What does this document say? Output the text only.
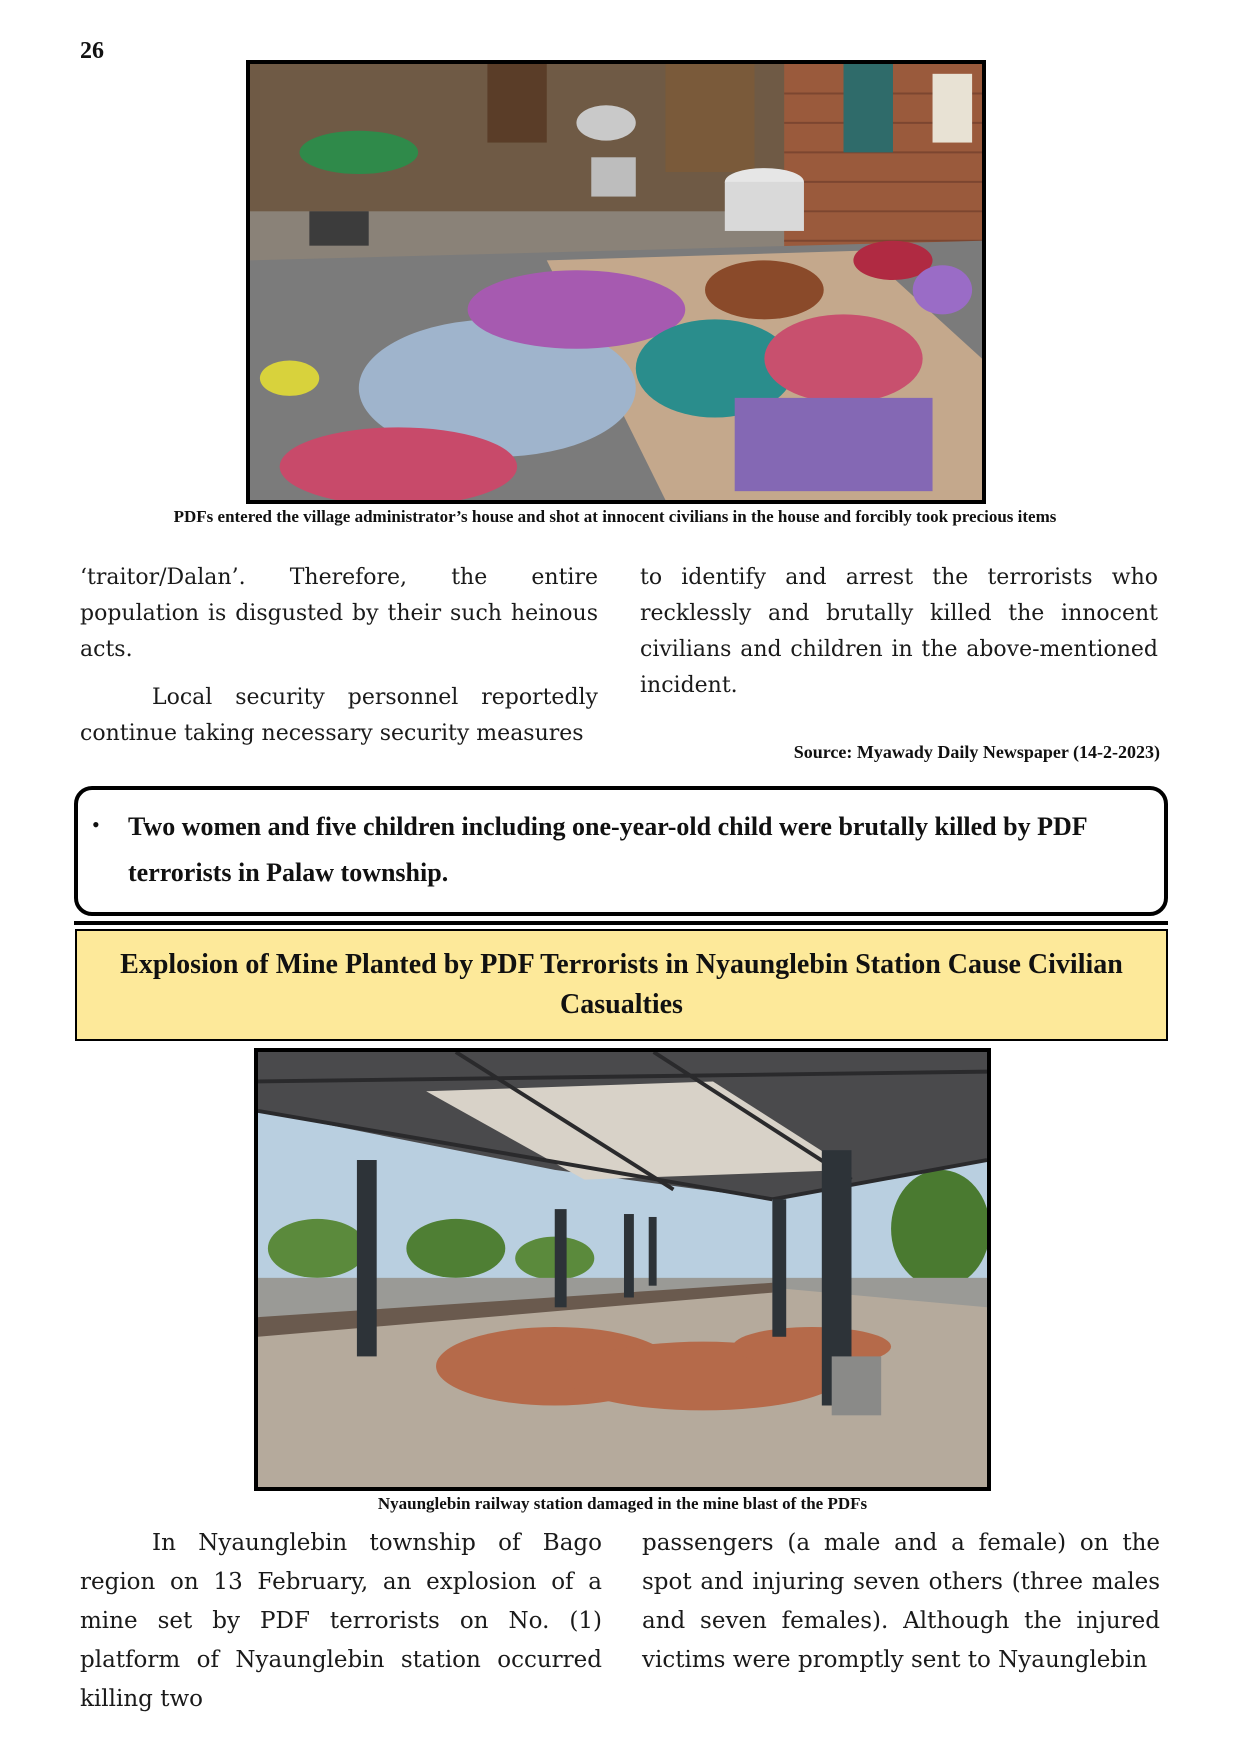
26
PDFs entered the village administrator’s house and shot at innocent civilians in the house and forcibly took precious items

‘traitor/Dalan’. Therefore, the entire population is disgusted by their such heinous acts.

Local security personnel reportedly continue taking necessary security measures

to identify and arrest the terrorists who recklessly and brutally killed the innocent civilians and children in the above-mentioned incident.

Source: Myawady Daily Newspaper (14-2-2023)
• Two women and five children including one-year-old child were brutally killed by PDF terrorists in Palaw township.
Explosion of Mine Planted by PDF Terrorists in Nyaunglebin Station Cause Civilian Casualties
Nyaunglebin railway station damaged in the mine blast of the PDFs

In Nyaunglebin township of Bago region on 13 February, an explosion of a mine set by PDF terrorists on No. (1) platform of Nyaunglebin station occurred killing two

passengers (a male and a female) on the spot and injuring seven others (three males and seven females). Although the injured victims were promptly sent to Nyaunglebin
